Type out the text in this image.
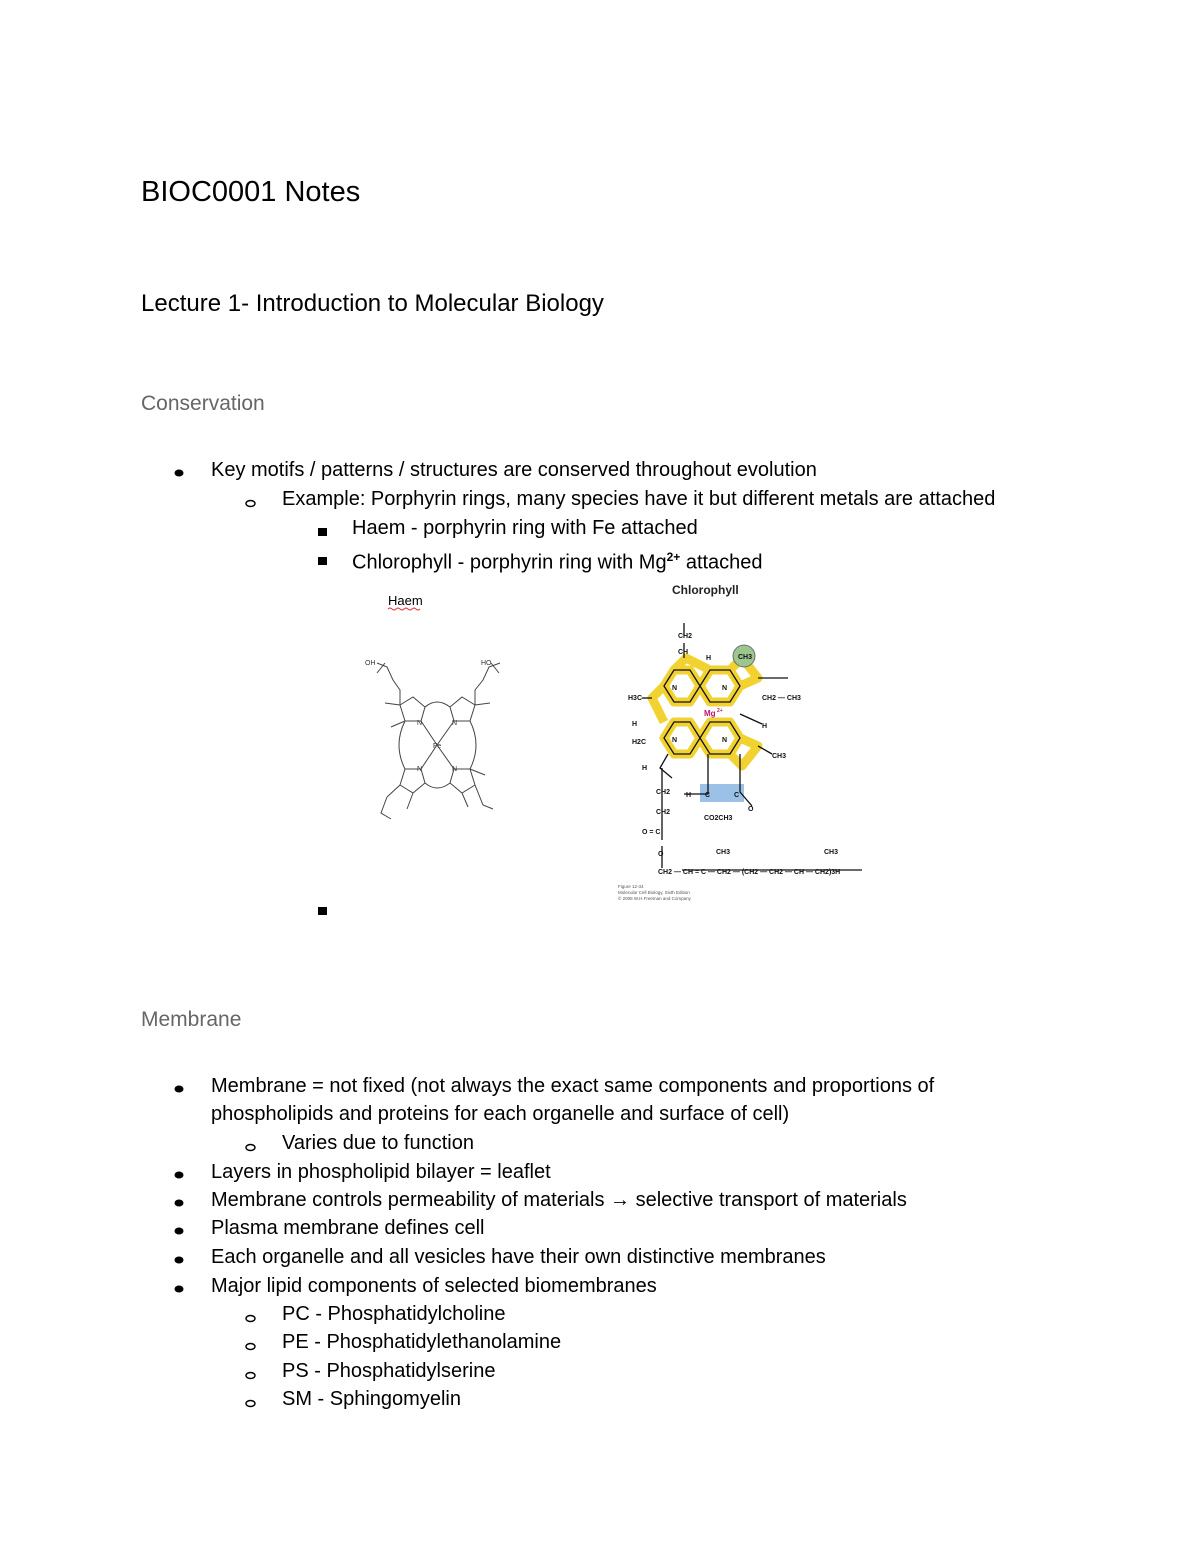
BIOC0001 Notes
Lecture 1- Introduction to Molecular Biology
Conservation
Key motifs / patterns / structures are conserved throughout evolution
Example: Porphyrin rings, many species have it but different metals are attached
Haem - porphyrin ring with Fe attached
Chlorophyll - porphyrin ring with $Mg^{2+}$ attached
Haem
OH	HO
Fe
N	N
N	N
Chlorophyll
CH2
CH
H	CH3
H3C
N	N
N	N
CH2 — CH3
H	H
H2C
CH3
H
H C	C
O
CO2CH3
CH2
CH2
O = C
O	CH3	CH3
CH2 — CH = C — CH2 — (CH2 — CH2 — CH — CH2)3H
Mg 2+
Figure 12-34
Molecular Cell Biology, Sixth Edition
© 2008 W.H.Freeman and Company
Membrane
Membrane = not fixed (not always the exact same components and proportions of
phospholipids and proteins for each organelle and surface of cell)
Varies due to function
Layers in phospholipid bilayer = leaflet
Membrane controls permeability of materials → selective transport of materials
Plasma membrane defines cell
Each organelle and all vesicles have their own distinctive membranes
Major lipid components of selected biomembranes
PC - Phosphatidylcholine
PE - Phosphatidylethanolamine
PS - Phosphatidylserine
SM - Sphingomyelin
